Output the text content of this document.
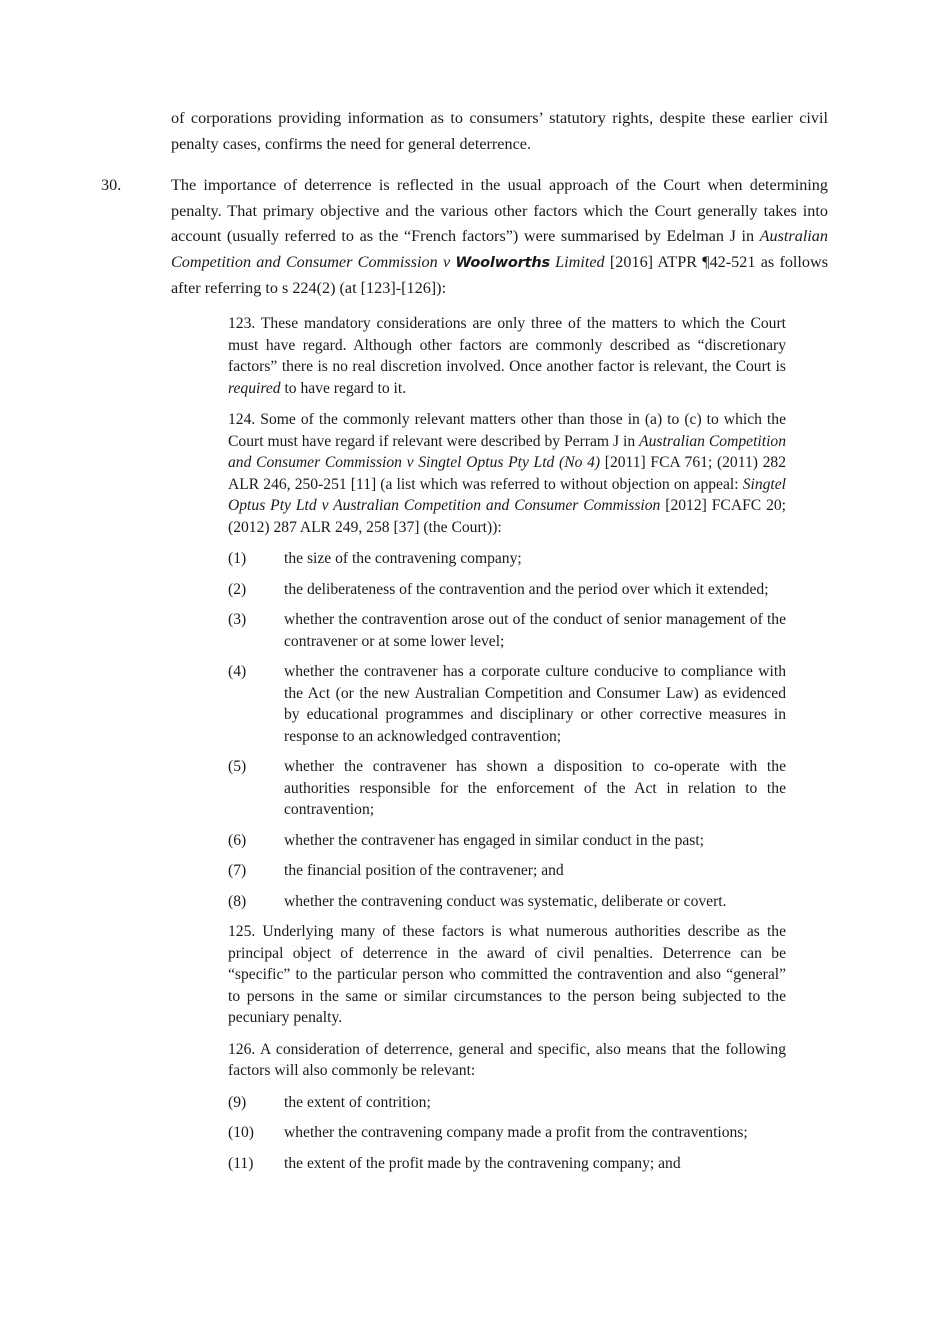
of corporations providing information as to consumers’ statutory rights, despite these earlier civil penalty cases, confirms the need for general deterrence.

30.	The importance of deterrence is reflected in the usual approach of the Court when determining penalty. That primary objective and the various other factors which the Court generally takes into account (usually referred to as the “French factors”) were summarised by Edelman J in Australian Competition and Consumer Commission v Woolworths Limited [2016] ATPR ¶42-521 as follows after referring to s 224(2) (at [123]-[126]):

123. These mandatory considerations are only three of the matters to which the Court must have regard. Although other factors are commonly described as “discretionary factors” there is no real discretion involved. Once another factor is relevant, the Court is required to have regard to it.

124. Some of the commonly relevant matters other than those in (a) to (c) to which the Court must have regard if relevant were described by Perram J in Australian Competition and Consumer Commission v Singtel Optus Pty Ltd (No 4) [2011] FCA 761; (2011) 282 ALR 246, 250-251 [11] (a list which was referred to without objection on appeal: Singtel Optus Pty Ltd v Australian Competition and Consumer Commission [2012] FCAFC 20; (2012) 287 ALR 249, 258 [37] (the Court)):

(1) the size of the contravening company;
(2) the deliberateness of the contravention and the period over which it extended;
(3) whether the contravention arose out of the conduct of senior management of the contravener or at some lower level;
(4) whether the contravener has a corporate culture conducive to compliance with the Act (or the new Australian Competition and Consumer Law) as evidenced by educational programmes and disciplinary or other corrective measures in response to an acknowledged contravention;
(5) whether the contravener has shown a disposition to co-operate with the authorities responsible for the enforcement of the Act in relation to the contravention;
(6) whether the contravener has engaged in similar conduct in the past;
(7) the financial position of the contravener; and
(8) whether the contravening conduct was systematic, deliberate or covert.

125. Underlying many of these factors is what numerous authorities describe as the principal object of deterrence in the award of civil penalties. Deterrence can be “specific” to the particular person who committed the contravention and also “general” to persons in the same or similar circumstances to the person being subjected to the pecuniary penalty.

126. A consideration of deterrence, general and specific, also means that the following factors will also commonly be relevant:

(9) the extent of contrition;
(10) whether the contravening company made a profit from the contraventions;
(11) the extent of the profit made by the contravening company; and
